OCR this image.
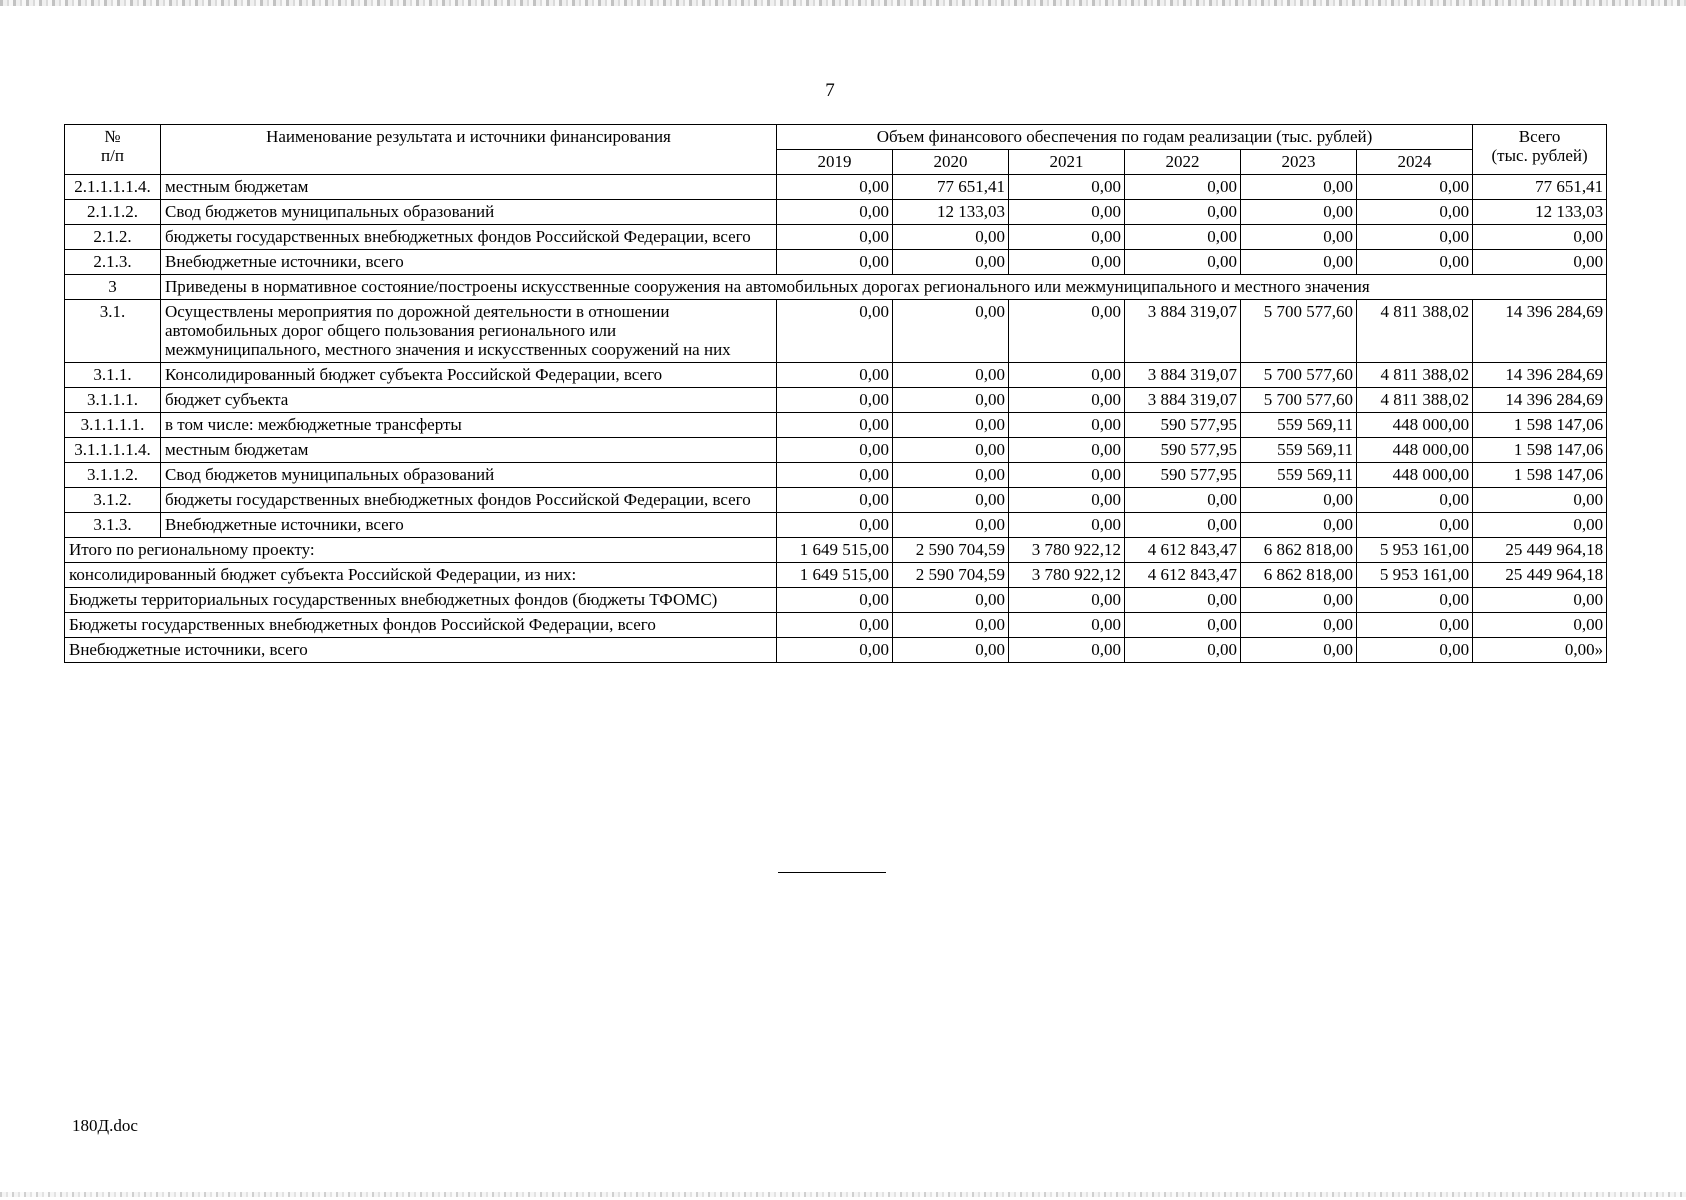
7
№
п/п	Наименование результата и источники финансирования	Объем финансового обеспечения по годам реализации (тыс. рублей)						Всего
(тыс. рублей)
		2019	2020	2021	2022	2023	2024	
2.1.1.1.1.4.	местным бюджетам	0,00	77 651,41	0,00	0,00	0,00	0,00	77 651,41
2.1.1.2.	Свод бюджетов муниципальных образований	0,00	12 133,03	0,00	0,00	0,00	0,00	12 133,03
2.1.2.	бюджеты государственных внебюджетных фондов Российской Федерации, всего	0,00	0,00	0,00	0,00	0,00	0,00	0,00
2.1.3.	Внебюджетные источники, всего	0,00	0,00	0,00	0,00	0,00	0,00	0,00
3	Приведены в нормативное состояние/построены искусственные сооружения на автомобильных дорогах регионального или межмуниципального и местного значения							
3.1.	Осуществлены мероприятия по дорожной деятельности в отношении автомобильных дорог общего пользования регионального или межмуниципального, местного значения и искусственных сооружений на них	0,00	0,00	0,00	3 884 319,07	5 700 577,60	4 811 388,02	14 396 284,69
3.1.1.	Консолидированный бюджет субъекта Российской Федерации, всего	0,00	0,00	0,00	3 884 319,07	5 700 577,60	4 811 388,02	14 396 284,69
3.1.1.1.	бюджет субъекта	0,00	0,00	0,00	3 884 319,07	5 700 577,60	4 811 388,02	14 396 284,69
3.1.1.1.1.	в том числе: межбюджетные трансферты	0,00	0,00	0,00	590 577,95	559 569,11	448 000,00	1 598 147,06
3.1.1.1.1.4.	местным бюджетам	0,00	0,00	0,00	590 577,95	559 569,11	448 000,00	1 598 147,06
3.1.1.2.	Свод бюджетов муниципальных образований	0,00	0,00	0,00	590 577,95	559 569,11	448 000,00	1 598 147,06
3.1.2.	бюджеты государственных внебюджетных фондов Российской Федерации, всего	0,00	0,00	0,00	0,00	0,00	0,00	0,00
3.1.3.	Внебюджетные источники, всего	0,00	0,00	0,00	0,00	0,00	0,00	0,00
Итого по региональному проекту:		1 649 515,00	2 590 704,59	3 780 922,12	4 612 843,47	6 862 818,00	5 953 161,00	25 449 964,18
консолидированный бюджет субъекта Российской Федерации, из них:		1 649 515,00	2 590 704,59	3 780 922,12	4 612 843,47	6 862 818,00	5 953 161,00	25 449 964,18
Бюджеты территориальных государственных внебюджетных фондов (бюджеты ТФОМС)		0,00	0,00	0,00	0,00	0,00	0,00	0,00
Бюджеты государственных внебюджетных фондов Российской Федерации, всего		0,00	0,00	0,00	0,00	0,00	0,00	0,00
Внебюджетные источники, всего		0,00	0,00	0,00	0,00	0,00	0,00	0,00»
180Д.doc
